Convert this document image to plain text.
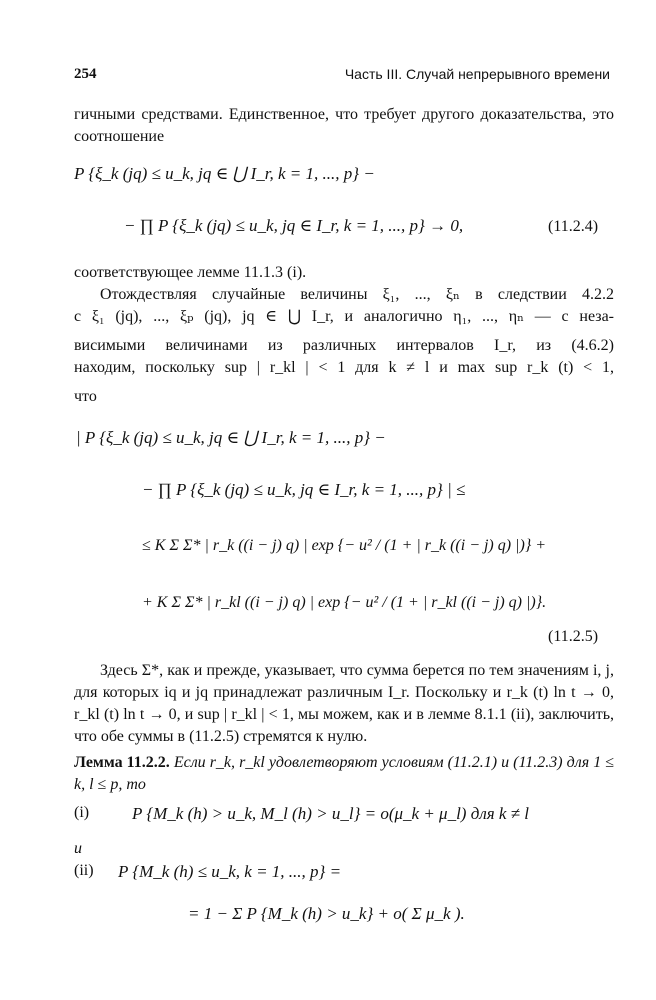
254	Часть III. Случай непрерывного времени
гичными средствами. Единственное, что требует другого доказательства, это соотношение
P {ξ_k (jq) ≤ u_k, jq ∈ ⋃ I_r, k = 1, ..., p} −
− ∏ P {ξ_k (jq) ≤ u_k, jq ∈ I_r, k = 1, ..., p} → 0,	(11.2.4)
соответствующее лемме 11.1.3 (i).
Отождествляя случайные величины ξ₁, ..., ξₙ в следствии 4.2.2
с ξ₁ (jq), ..., ξₚ (jq), jq ∈ ⋃ I_r, и аналогично η₁, ..., ηₙ — с неза-
висимыми величинами из различных интервалов I_r, из (4.6.2)
находим, поскольку sup | r_kl | < 1 для k ≠ l и max sup r_k (t) < 1,
что
| P {ξ_k (jq) ≤ u_k, jq ∈ ⋃ I_r, k = 1, ..., p} −
− ∏ P {ξ_k (jq) ≤ u_k, jq ∈ I_r, k = 1, ..., p} | ≤
≤ K Σ Σ* | r_k ((i − j) q) | exp {− u² / (1 + | r_k ((i − j) q) |)} +
+ K Σ Σ* | r_kl ((i − j) q) | exp {− u² / (1 + | r_kl ((i − j) q) |)}.
(11.2.5)
Здесь Σ*, как и прежде, указывает, что сумма берется по тем значениям i, j, для которых iq и jq принадлежат различным I_r. Поскольку и r_k (t) ln t → 0, r_kl (t) ln t → 0, и sup | r_kl | < 1, мы можем, как и в лемме 8.1.1 (ii), заключить, что обе суммы в (11.2.5) стремятся к нулю.
Лемма 11.2.2. Если r_k, r_kl удовлетворяют условиям (11.2.1) и (11.2.3) для 1 ≤ k, l ≤ p, то
(i)	P {M_k (h) > u_k, M_l (h) > u_l} = o(μ_k + μ_l) для k ≠ l
и
(ii) P {M_k (h) ≤ u_k, k = 1, ..., p} =
= 1 − Σ P {M_k (h) > u_k} + o( Σ μ_k ).
